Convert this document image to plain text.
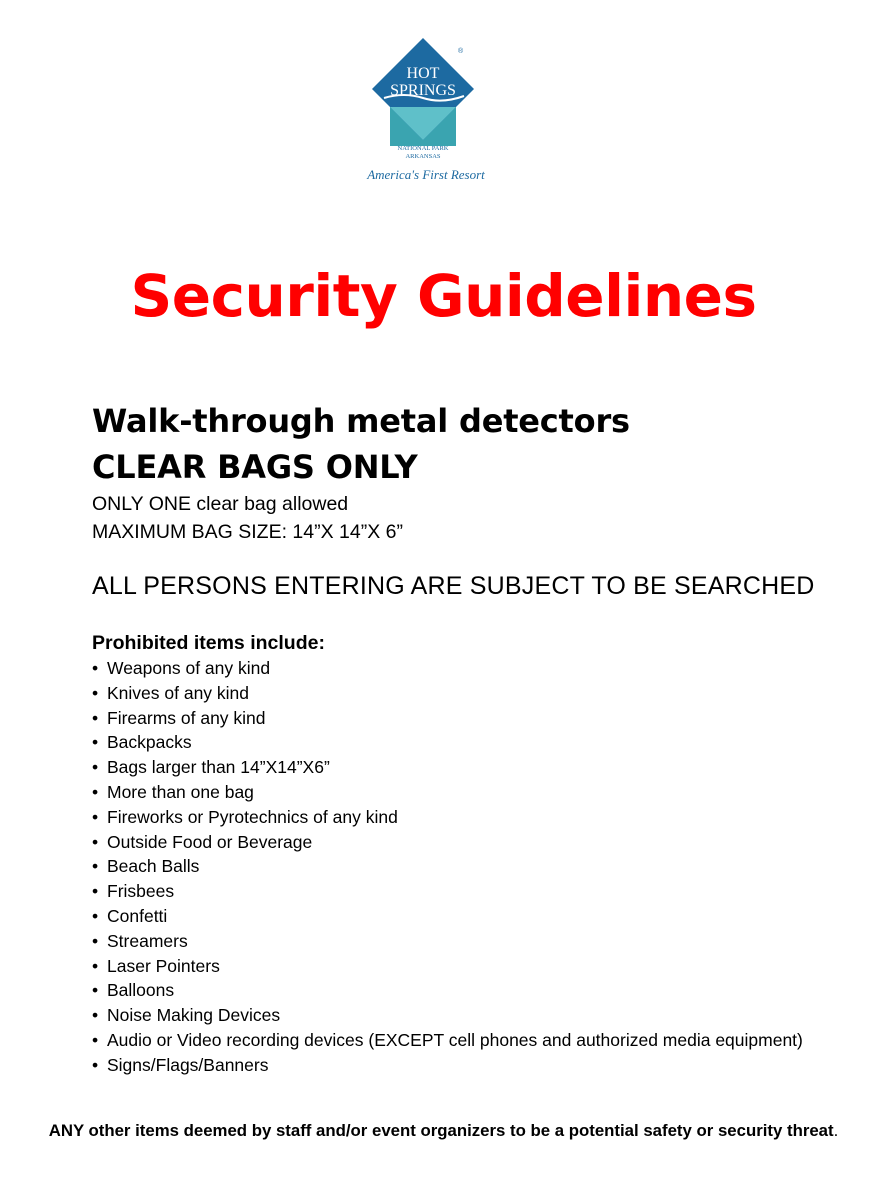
HOT
SPRINGS
®
NATIONAL PARK
ARKANSAS
America's First Resort
Security Guidelines
Walk-through metal detectors
CLEAR BAGS ONLY
ONLY ONE clear bag allowed
MAXIMUM BAG SIZE: 14”X 14”X 6”
ALL PERSONS ENTERING ARE SUBJECT TO BE SEARCHED
Prohibited items include:
• Weapons of any kind
• Knives of any kind
• Firearms of any kind
• Backpacks
• Bags larger than 14”X14”X6”
• More than one bag
• Fireworks or Pyrotechnics of any kind
• Outside Food or Beverage
• Beach Balls
• Frisbees
• Confetti
• Streamers
• Laser Pointers
• Balloons
• Noise Making Devices
• Audio or Video recording devices (EXCEPT cell phones and authorized media equipment)
• Signs/Flags/Banners
ANY other items deemed by staff and/or event organizers to be a potential safety or security threat.
